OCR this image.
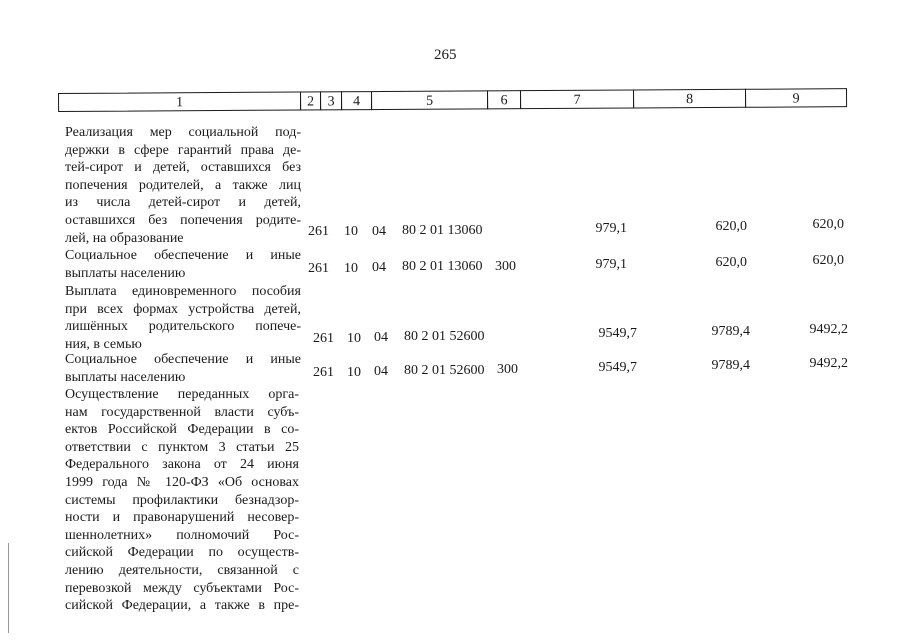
265
1	2 3	4	5	6	7	8	9
Реализация мер социальной под-
держки в сфере гарантий права де-
тей-сирот и детей, оставшихся без
попечения родителей, а также лиц
из числа детей-сирот и детей,
оставшихся без попечения родите-
лей, на образование	261 10 04 80 2 01 13060	979,1	620,0	620,0
Социальное обеспечение и иные
выплаты населению	261 10 04 80 2 01 13060 300	979,1	620,0	620,0
Выплата единовременного пособия
при всех формах устройства детей,
лишённых родительского попече-
ния, в семью	261 10 04 80 2 01 52600	9549,7	9789,4	9492,2
Социальное обеспечение и иные
выплаты населению	261 10 04 80 2 01 52600 300	9549,7	9789,4	9492,2
Осуществление переданных орга-
нам государственной власти субъ-
ектов Российской Федерации в со-
ответствии с пунктом 3 статьи 25
Федерального закона от 24 июня
1999 года № 120-ФЗ «Об основах
системы профилактики безнадзор-
ности и правонарушений несовер-
шеннолетних» полномочий Рос-
сийской Федерации по осуществ-
лению деятельности, связанной с
перевозкой между субъектами Рос-
сийской Федерации, а также в пре-
